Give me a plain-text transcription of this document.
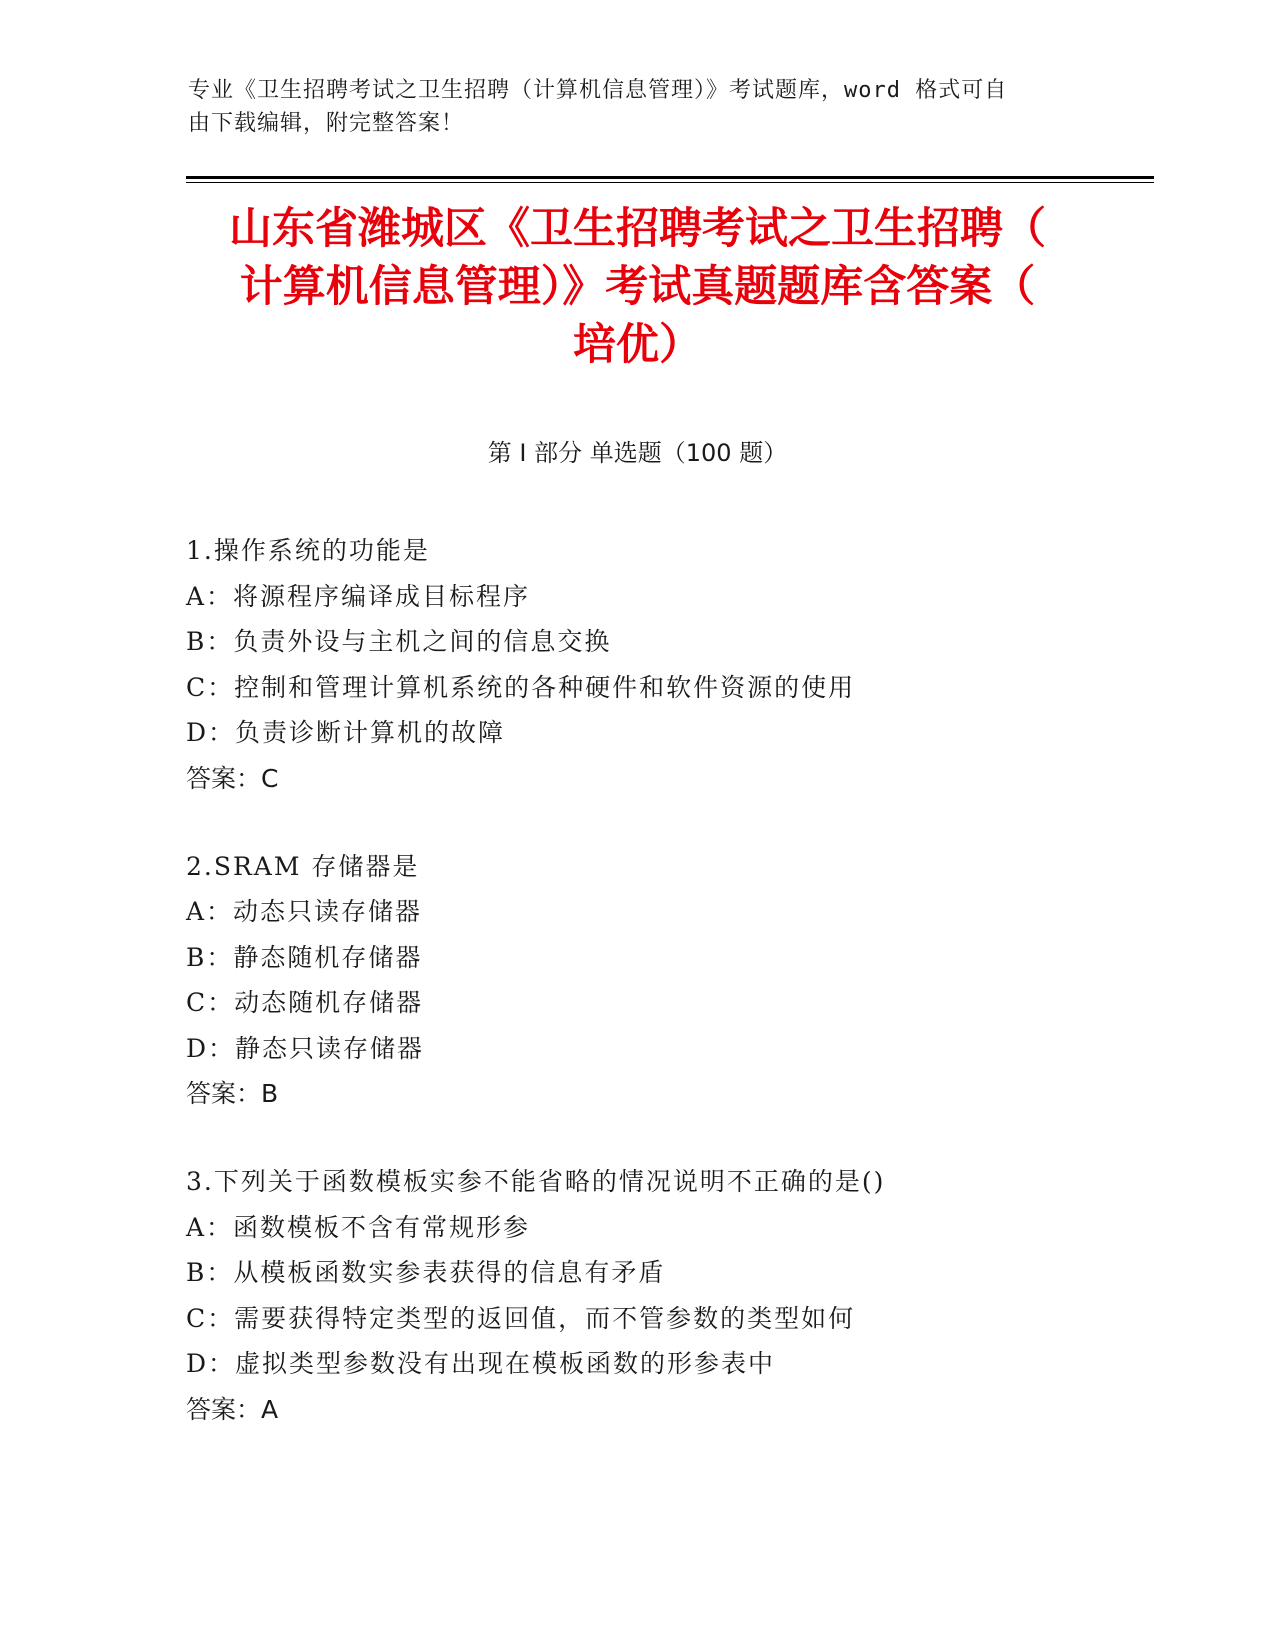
专业《卫生招聘考试之卫生招聘（计算机信息管理）》考试题库，word 格式可自
由下载编辑，附完整答案！
山东省潍城区《卫生招聘考试之卫生招聘（
计算机信息管理）》考试真题题库含答案（
培优）
第 I 部分 单选题（100 题）
1.操作系统的功能是
A：将源程序编译成目标程序
B：负责外设与主机之间的信息交换
C：控制和管理计算机系统的各种硬件和软件资源的使用
D：负责诊断计算机的故障
答案：C
2.SRAM 存储器是
A：动态只读存储器
B：静态随机存储器
C：动态随机存储器
D：静态只读存储器
答案：B
3.下列关于函数模板实参不能省略的情况说明不正确的是()
A：函数模板不含有常规形参
B：从模板函数实参表获得的信息有矛盾
C：需要获得特定类型的返回值，而不管参数的类型如何
D：虚拟类型参数没有出现在模板函数的形参表中
答案：A
